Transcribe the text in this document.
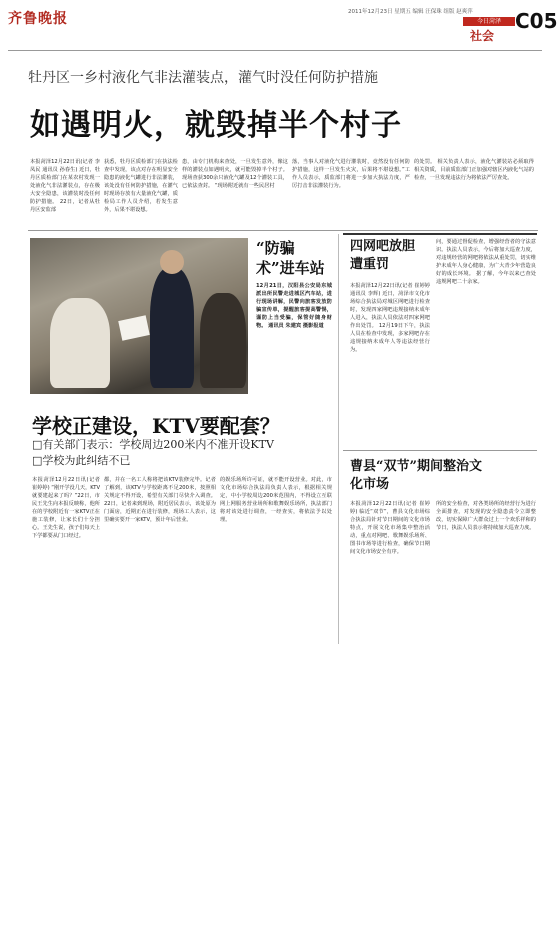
齐鲁晚报	2011年12月23日 星期五 编辑 汪保珠 组版 赵爽萍
今日菏泽
社会
C05
牡丹区一乡村液化气非法灌装点，灌气时没任何防护措施
如遇明火，就毁掉半个村子
本报菏泽12月22日讯(记者 李凤民 通讯员 孙春生) 近日，牡丹区质检部门在某农村发现一处液化气非法灌装点，存在极大安全隐患，该灌装时没任何防护措施。 22日，记者从牡丹区安监部
获悉，牡丹区质检部门在执法检查中发现，该点对存在明显安全隐患的液化气罐进行非法灌装，该处没有任何防护措施，在灌气时现场存放有大量液化气罐，质检局工作人员介绍，若发生意外，后果不堪设想。
患，由专门机构来查处，一旦发生意外，像这样的灌装点如遇明火，就可能毁掉半个村子。现场查获300余只液化气罐及12个灌装工具，已依法查封。 “现场附近就有一些民居村
落，当事人对液化气进行灌装时，竟然没有任何防护措施，这样一旦发生火灾，后果将不堪设想。”工作人员表示，质监部门将进一步加大执法力度，严厉打击非法灌装行为。
的处罚。 相关负责人表示，液化气灌装站必须取得相关资质，目前质监部门正加强对辖区内液化气站的检查，一旦发现违法行为将依法严厉查处。
“防骗术”进车站
12月21日，汉阳县公安局东城派出所民警走进城区汽车站，进行现场讲解，民警向旅客发放防骗宣传单，提醒旅客提高警惕，谨防上当受骗，保管好随身财物。 通讯员 朱建宾 摄影报道
学校正建设，KTV要配套？
□有关部门表示：学校周边200米内不准开设KTV
□学校为此纠结不已
本报菏泽12月22日讯(记者 崔婷婷) “刚开学没几天，KTV就要建起来了吗？”22日，市民王先生向本报反映称，他所在的学校附近有一家KTV正在施工装修，让家长们十分担心。王先生说，孩子们每天上下学都要从门口经过。
都，并在一名工人称将把该KTV装修完毕。记者了解到，该KTV与学校距离不足200米，按照相关规定不得开设，希望有关部门尽快介入调查。 22日，记者来到现场，附近居民表示，该处原为门面房，近期正在进行装修，现场工人表示，这里确实要开一家KTV，预计年后营业。
的娱乐场所许可证，就不能开设营业。对此，市文化市场综合执法局负责人表示，根据相关规定，中小学校周边200米范围内，不得设立互联网上网服务营业场所和歌舞娱乐场所，执法部门将对该处进行调查，一经查实，将依法予以处理。
四网吧放胆遭重罚
本报菏泽12月22日讯(记者 崔婷婷 通讯员 李辉) 近日，菏泽市文化市场综合执法局对城区网吧进行检查时，发现四家网吧违规接纳未成年人进入，执法人员依法对四家网吧作出处罚。 12月19日下午，执法人员在检查中发现，多家网吧存在违规接纳未成年人等违法经营行为。
问，要通过督促检查，增强经营者的守法意识。执法人员表示，今后将加大巡查力度，对违规经营的网吧将依法从重处罚，切实维护未成年人身心健康，为广大青少年营造良好的成长环境。 据了解，今年以来已查处违规网吧二十余家。
曹县“双节”期间整治文化市场
本报菏泽12月22日讯(记者 崔婷婷) 临近“双节”，曹县文化市场综合执法局针对节日期间的文化市场特点，开展文化市场集中整治活动，重点对网吧、歌舞娱乐场所、图书市场等进行检查，确保节日期间文化市场安全有序。
所的安全检查，对各类场所的经营行为进行全面排查，对发现的安全隐患责令立即整改，切实保障广大群众过上一个欢乐祥和的节日，执法人员表示将持续加大巡查力度。
